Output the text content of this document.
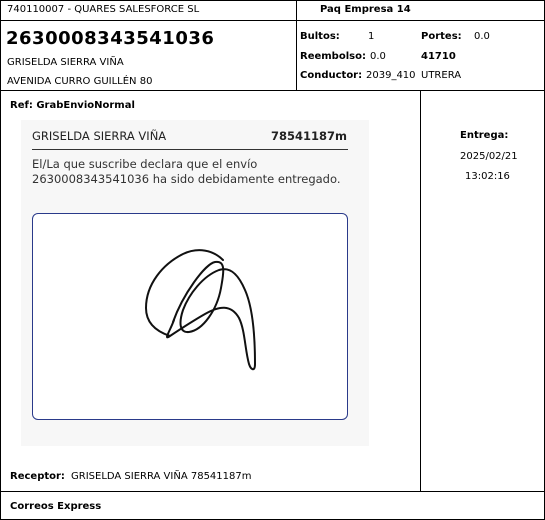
740110007 - QUARES SALESFORCE SL	Paq Empresa 14
2630008343541036
GRISELDA SIERRA VIÑA
AVENIDA CURRO GUILLÉN 80
Bultos:	1	Portes: 0.0
Reembolso: 0.0	41710
Conductor: 2039_410 UTRERA
Ref: GrabEnvioNormal
GRISELDA SIERRA VIÑA	78541187m
El/La que suscribe declara que el envío
2630008343541036 ha sido debidamente entregado.
Entrega:
2025/02/21
13:02:16
Receptor: GRISELDA SIERRA VIÑA 78541187m
Correos Express
